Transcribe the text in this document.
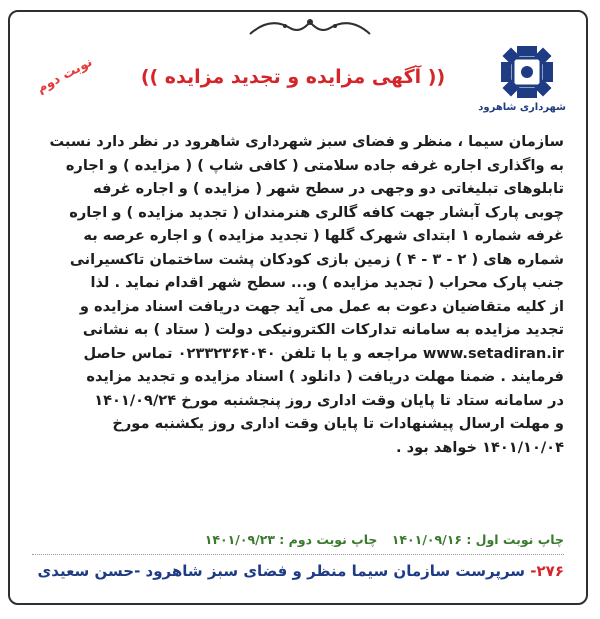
شهرداری شاهرود
(( آگهی مزایده و تجدید مزایده ))
نوبت دوم
سازمان سیما ، منظر و فضای سبز شهرداری شاهرود در نظر دارد نسبت
به واگذاری اجاره غرفه جاده سلامتی ( کافی شاپ ) ( مزایده ) و اجاره
تابلوهای تبلیغاتی دو وجهی در سطح شهر ( مزایده ) و اجاره غرفه
چوبی پارک آبشار جهت کافه گالری هنرمندان ( تجدید مزایده ) و اجاره
غرفه شماره ۱ ابتدای شهرک گلها ( تجدید مزایده ) و اجاره عرصه به
شماره های ( ۲ - ۳ - ۴ ) زمین بازی کودکان پشت ساختمان تاکسیرانی
جنب پارک محراب ( تجدید مزایده ) و... سطح شهر اقدام نماید . لذا
از کلیه متقاضیان دعوت به عمل می آید جهت دریافت اسناد مزایده و
تجدید مزایده به سامانه تدارکات الکترونیکی دولت ( ستاد ) به نشانی
www.setadiran.ir مراجعه و یا با تلفن ۰۲۳۳۲۳۶۴۰۴۰ تماس حاصل
فرمایند . ضمنا مهلت دریافت ( دانلود ) اسناد مزایده و تجدید مزایده
در سامانه ستاد تا پایان وقت اداری روز پنجشنبه مورخ ۱۴۰۱/۰۹/۲۴
و مهلت ارسال پیشنهادات تا پایان وقت اداری روز یکشنبه مورخ
۱۴۰۱/۱۰/۰۴ خواهد بود .
چاپ نوبت اول : ۱۴۰۱/۰۹/۱۶ چاپ نوبت دوم : ۱۴۰۱/۰۹/۲۳
۲۷۶- سرپرست سازمان سیما منظر و فضای سبز شاهرود -حسن سعیدی
